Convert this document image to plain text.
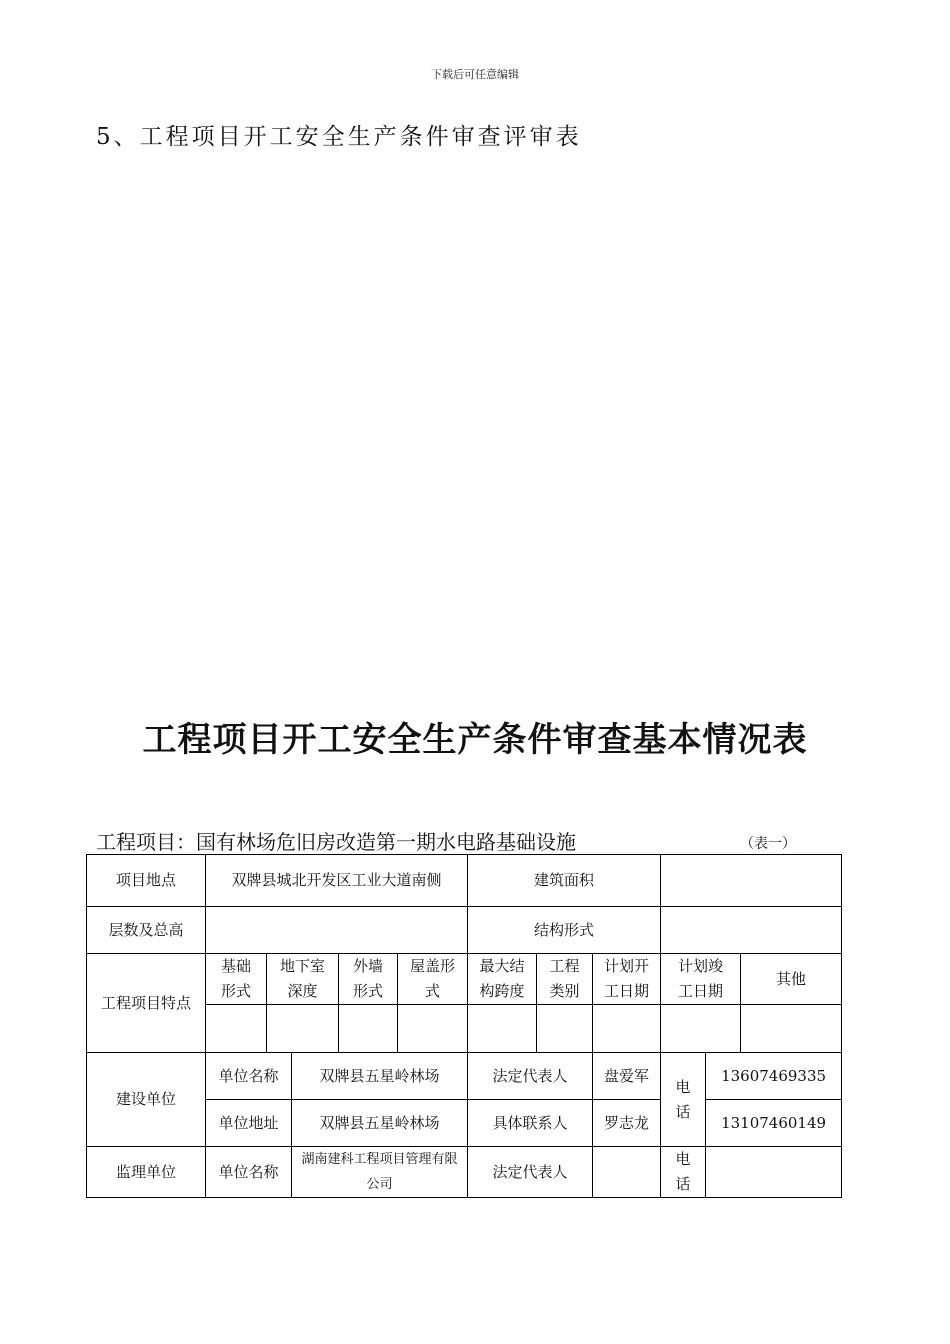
下载后可任意编辑
5、工程项目开工安全生产条件审查评审表
工程项目开工安全生产条件审查基本情况表
工程项目：国有林场危旧房改造第一期水电路基础设施	（表一）
项目地点	双牌县城北开发区工业大道南侧					建筑面积					
层数及总高						结构形式					
工程项目特点	基础形式	地下室深度		外墙形式	屋盖形式	最大结构跨度	工程类别	计划开工日期	计划竣工日期		其他

建设单位	单位名称		双牌县五星岭林场			法定代表人		盘爱军	电话	13607469335	
	单位地址		双牌县五星岭林场			具体联系人		罗志龙		13107460149	
监理单位	单位名称		湖南建科工程项目管理有限公司			法定代表人			电话		
